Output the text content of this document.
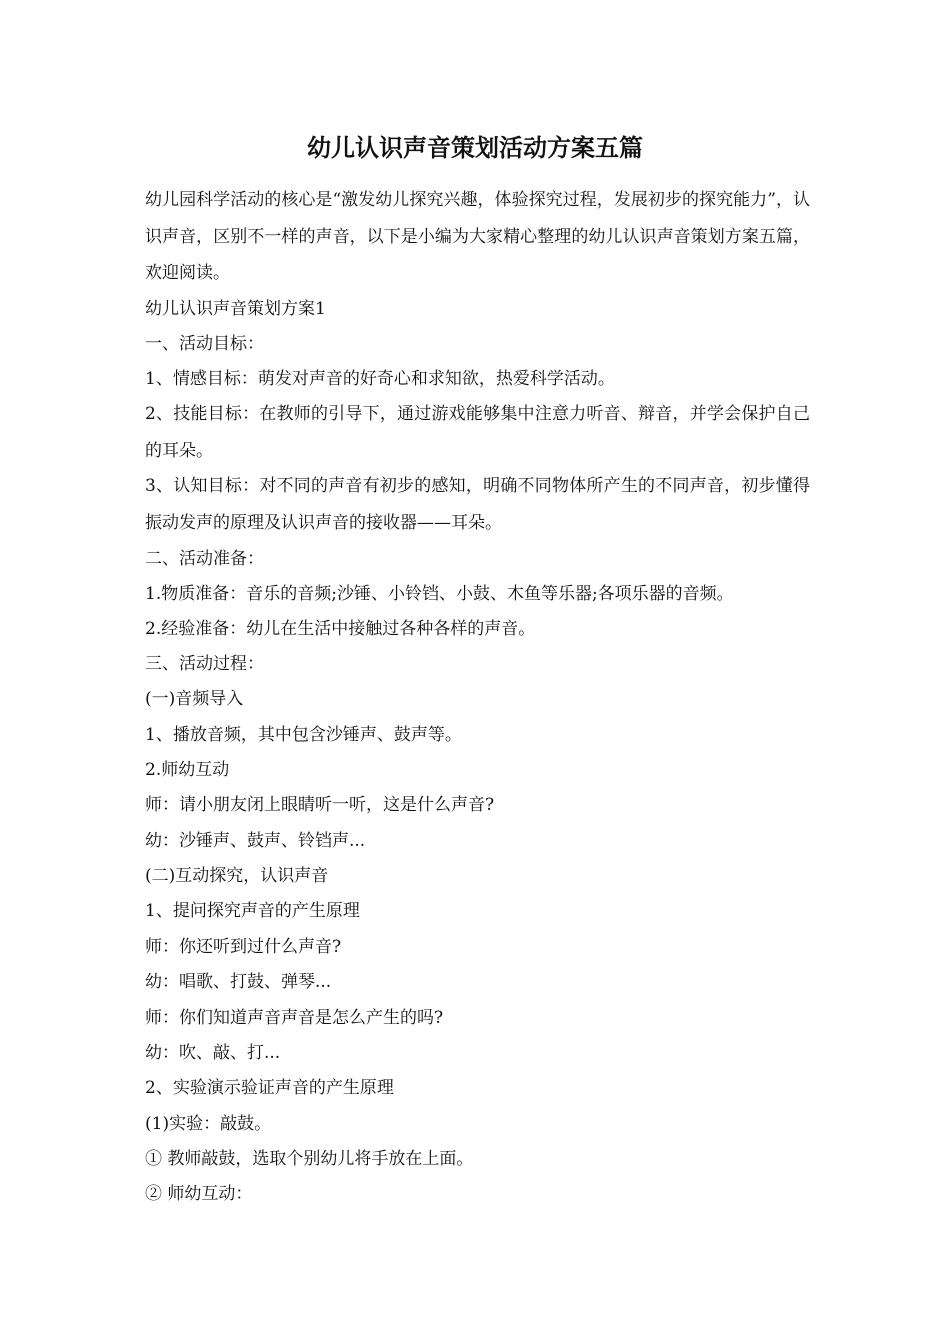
幼儿认识声音策划活动方案五篇

幼儿园科学活动的核心是“激发幼儿探究兴趣，体验探究过程，发展初步的探究能力”，认识声音，区别不一样的声音，以下是小编为大家精心整理的幼儿认识声音策划方案五篇，欢迎阅读。

幼儿认识声音策划方案1

一、活动目标：

1、情感目标：萌发对声音的好奇心和求知欲，热爱科学活动。

2、技能目标：在教师的引导下，通过游戏能够集中注意力听音、辩音，并学会保护自己的耳朵。

3、认知目标：对不同的声音有初步的感知，明确不同物体所产生的不同声音，初步懂得振动发声的原理及认识声音的接收器——耳朵。

二、活动准备：

1.物质准备：音乐的音频;沙锤、小铃铛、小鼓、木鱼等乐器;各项乐器的音频。

2.经验准备：幼儿在生活中接触过各种各样的声音。

三、活动过程：

(一)音频导入

1、播放音频，其中包含沙锤声、鼓声等。

2.师幼互动

师：请小朋友闭上眼睛听一听，这是什么声音?

幼：沙锤声、鼓声、铃铛声...

(二)互动探究，认识声音

1、提问探究声音的产生原理

师：你还听到过什么声音?

幼：唱歌、打鼓、弹琴...

师：你们知道声音声音是怎么产生的吗?

幼：吹、敲、打...

2、实验演示验证声音的产生原理

(1)实验：敲鼓。

① 教师敲鼓，选取个别幼儿将手放在上面。

② 师幼互动：
